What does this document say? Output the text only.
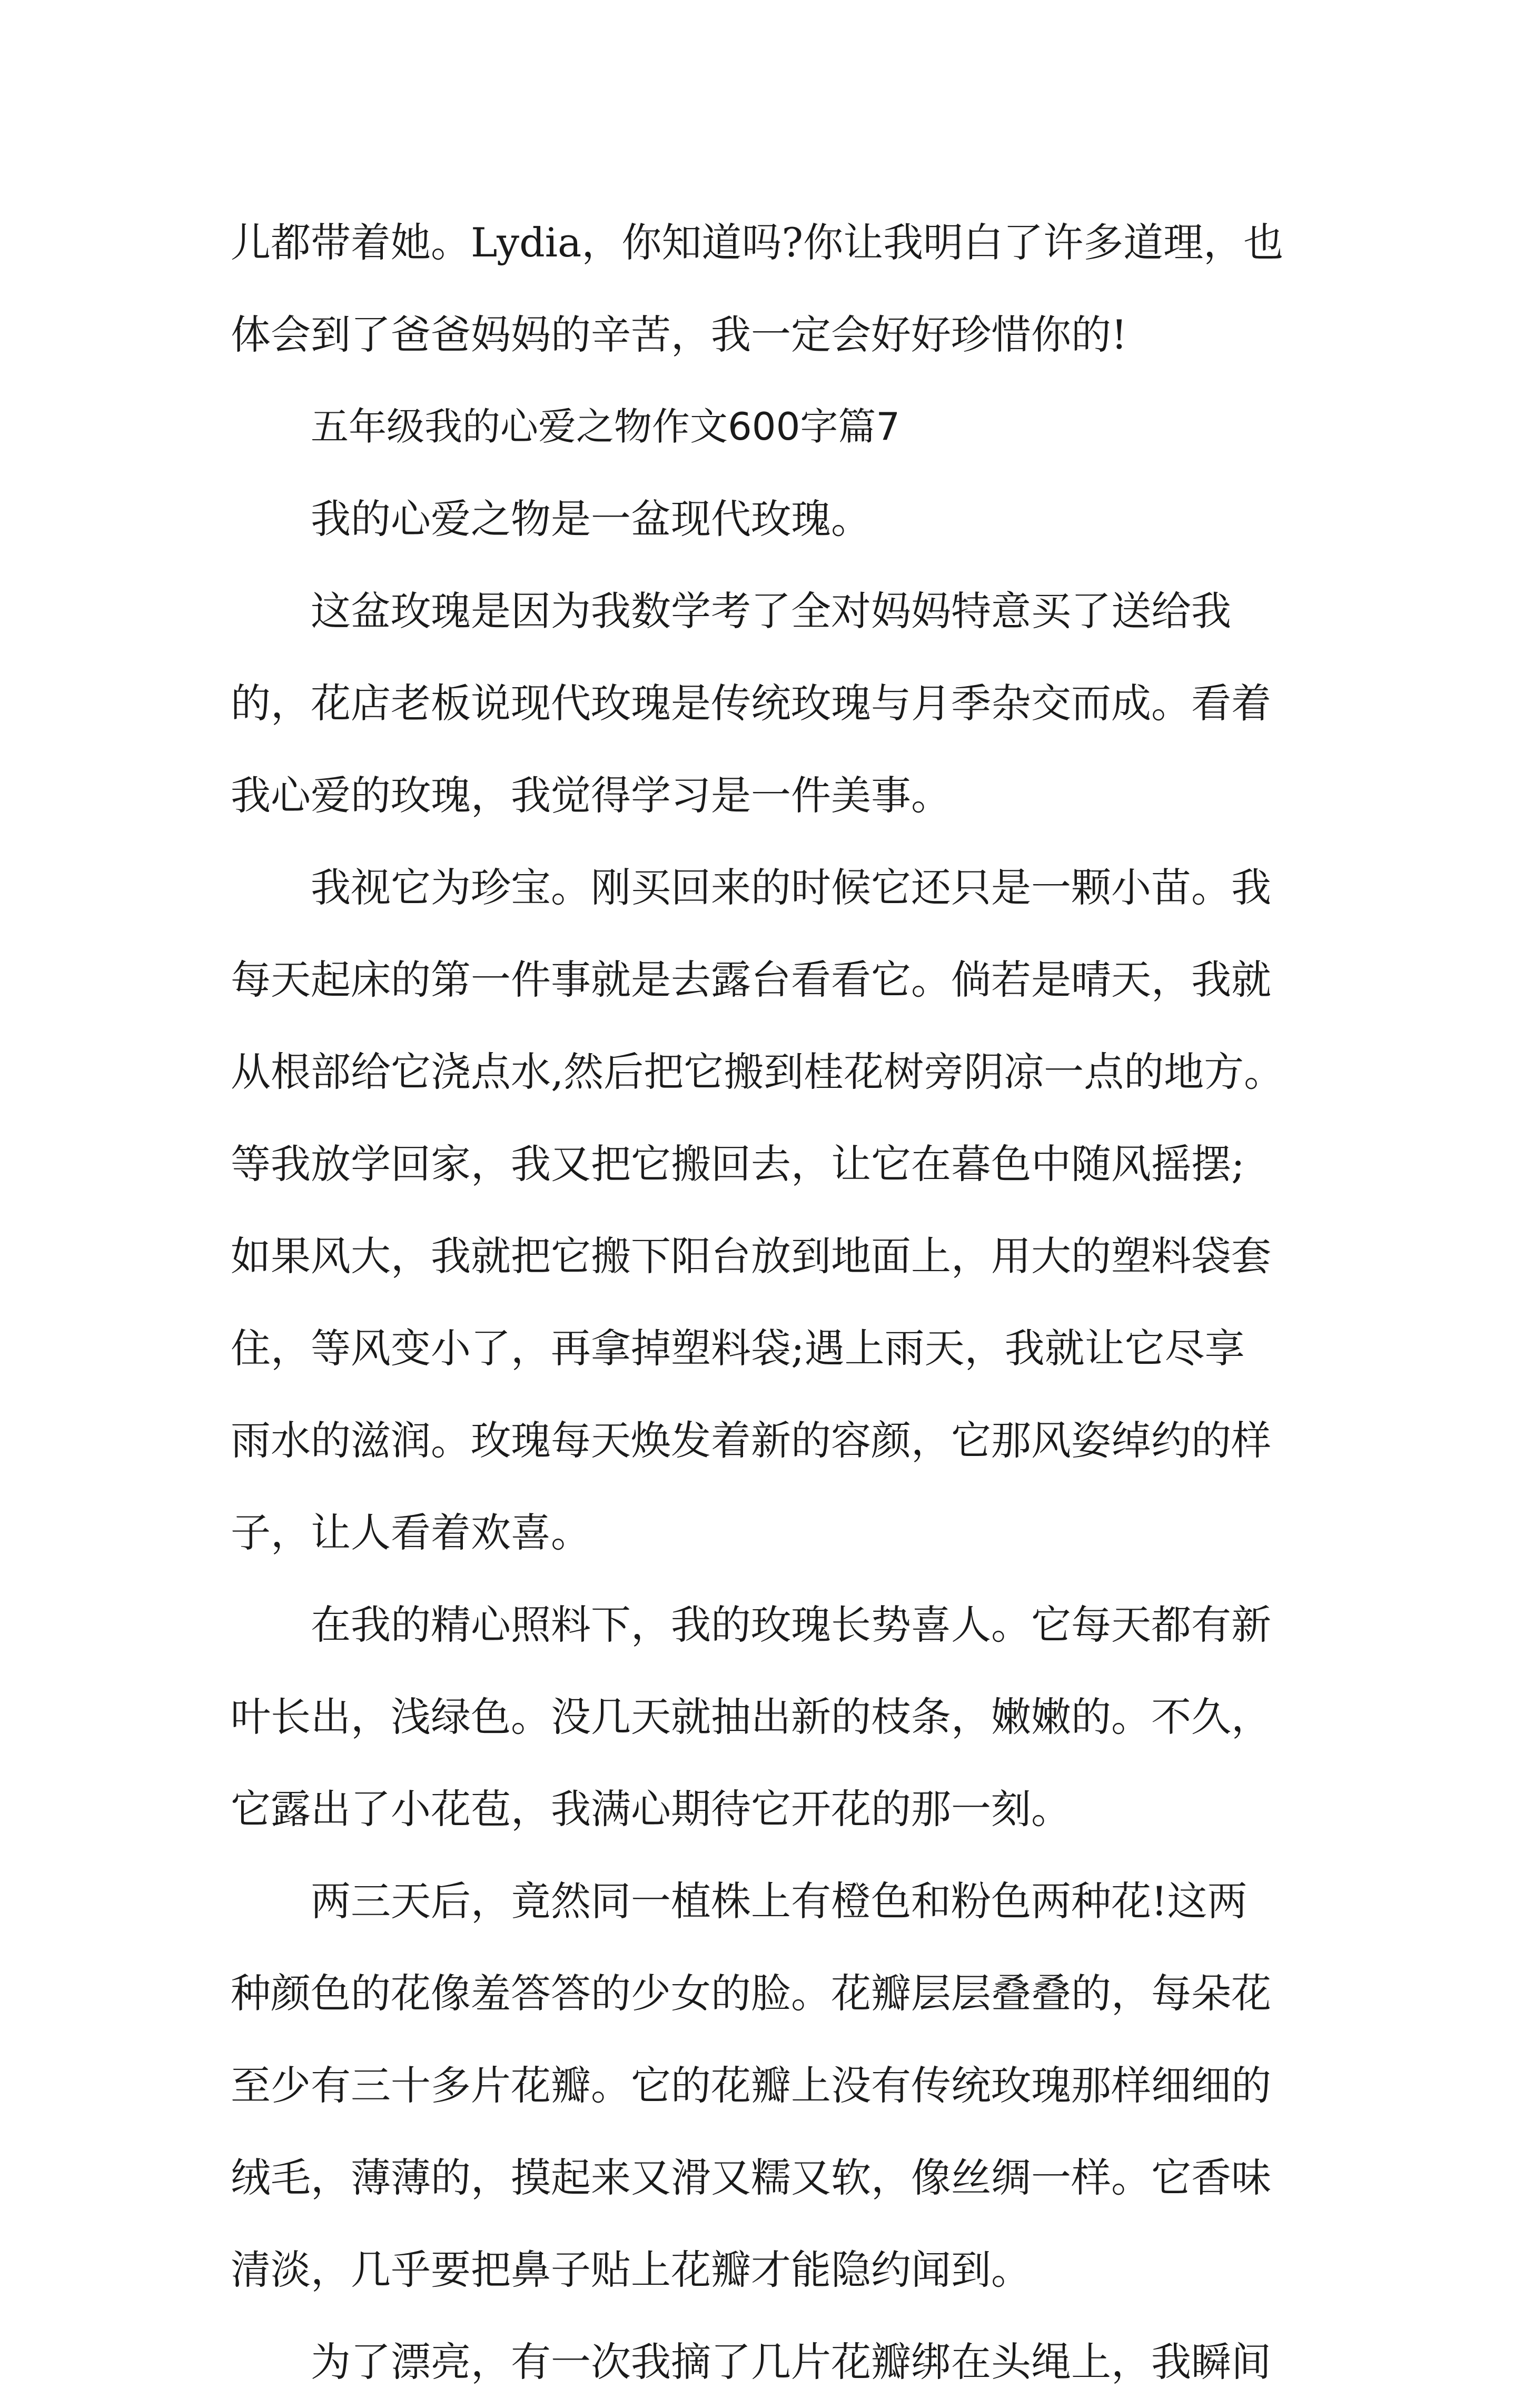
儿都带着她。Lydia，你知道吗?你让我明白了许多道理，也
体会到了爸爸妈妈的辛苦，我一定会好好珍惜你的!
五年级我的心爱之物作文600字篇7
我的心爱之物是一盆现代玫瑰。
这盆玫瑰是因为我数学考了全对妈妈特意买了送给我
的，花店老板说现代玫瑰是传统玫瑰与月季杂交而成。看着
我心爱的玫瑰，我觉得学习是一件美事。
我视它为珍宝。刚买回来的时候它还只是一颗小苗。我
每天起床的第一件事就是去露台看看它。倘若是晴天，我就
从根部给它浇点水,然后把它搬到桂花树旁阴凉一点的地方。
等我放学回家，我又把它搬回去，让它在暮色中随风摇摆;
如果风大，我就把它搬下阳台放到地面上，用大的塑料袋套
住，等风变小了，再拿掉塑料袋;遇上雨天，我就让它尽享
雨水的滋润。玫瑰每天焕发着新的容颜，它那风姿绰约的样
子，让人看着欢喜。
在我的精心照料下，我的玫瑰长势喜人。它每天都有新
叶长出，浅绿色。没几天就抽出新的枝条，嫩嫩的。不久，
它露出了小花苞，我满心期待它开花的那一刻。
两三天后，竟然同一植株上有橙色和粉色两种花!这两
种颜色的花像羞答答的少女的脸。花瓣层层叠叠的，每朵花
至少有三十多片花瓣。它的花瓣上没有传统玫瑰那样细细的
绒毛，薄薄的，摸起来又滑又糯又软，像丝绸一样。它香味
清淡，几乎要把鼻子贴上花瓣才能隐约闻到。
为了漂亮，有一次我摘了几片花瓣绑在头绳上，我瞬间
